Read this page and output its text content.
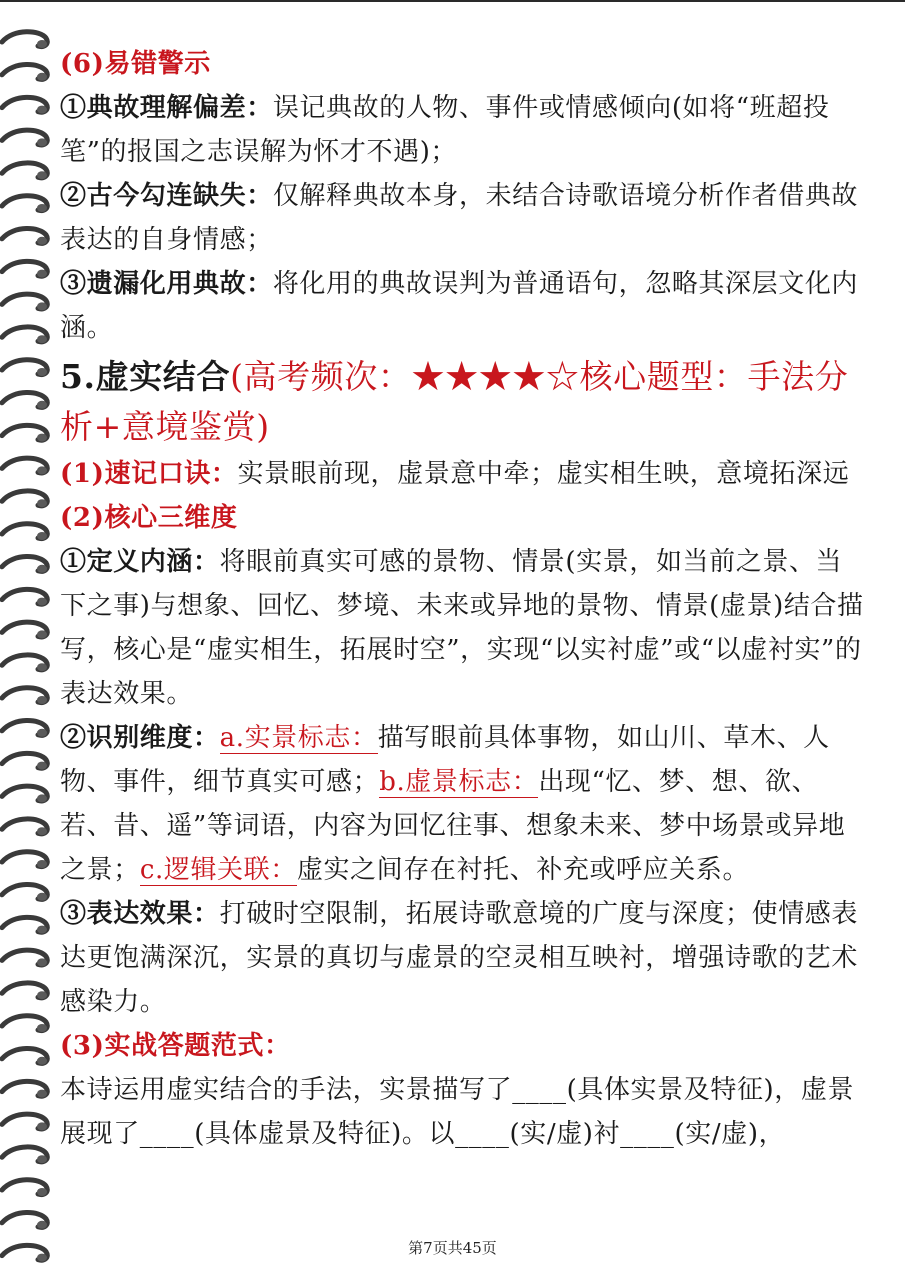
(6)易错警示

①典故理解偏差：误记典故的人物、事件或情感倾向(如将“班超投笔”的报国之志误解为怀才不遇)；

②古今勾连缺失：仅解释典故本身，未结合诗歌语境分析作者借典故表达的自身情感；

③遗漏化用典故：将化用的典故误判为普通语句，忽略其深层文化内涵。

5.虚实结合(高考频次：★★★★☆核心题型：手法分析+意境鉴赏)

(1)速记口诀：实景眼前现，虚景意中牵；虚实相生映，意境拓深远

(2)核心三维度

①定义内涵：将眼前真实可感的景物、情景(实景，如当前之景、当下之事)与想象、回忆、梦境、未来或异地的景物、情景(虚景)结合描写，核心是“虚实相生，拓展时空”，实现“以实衬虚”或“以虚衬实”的表达效果。

②识别维度：a.实景标志：描写眼前具体事物，如山川、草木、人物、事件，细节真实可感；b.虚景标志：出现“忆、梦、想、欲、若、昔、遥”等词语，内容为回忆往事、想象未来、梦中场景或异地之景；c.逻辑关联：虚实之间存在衬托、补充或呼应关系。

③表达效果：打破时空限制，拓展诗歌意境的广度与深度；使情感表达更饱满深沉，实景的真切与虚景的空灵相互映衬，增强诗歌的艺术感染力。

(3)实战答题范式：

本诗运用虚实结合的手法，实景描写了____(具体实景及特征)，虚景展现了____(具体虚景及特征)。以____(实/虚)衬____(实/虚)，

第7页共45页
